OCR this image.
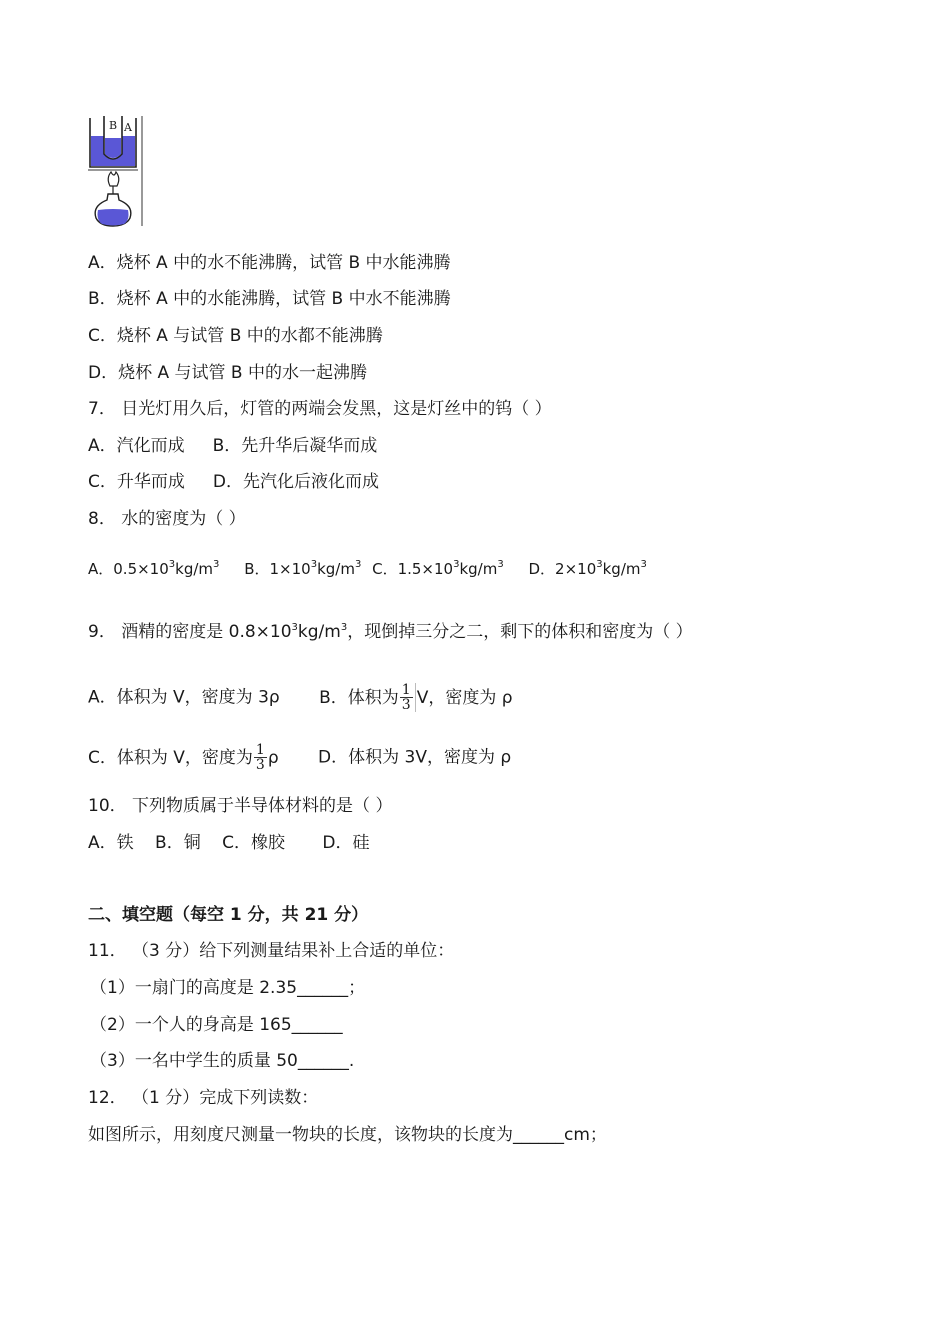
B A
A．烧杯 A 中的水不能沸腾，试管 B 中水能沸腾
B．烧杯 A 中的水能沸腾，试管 B 中水不能沸腾
C．烧杯 A 与试管 B 中的水都不能沸腾
D．烧杯 A 与试管 B 中的水一起沸腾
7． 日光灯用久后，灯管的两端会发黑，这是灯丝中的钨（ ）
A．汽化而成 B．先升华后凝华而成
C．升华而成 D．先汽化后液化而成
8． 水的密度为（ ）
A．$0.5\times 10^3kg/m^3$ B．$1\times 10^3kg/m^3$ C．$1.5\times 10^3kg/m^3$ D．$2\times 10^3kg/m^3$
9． 酒精的密度是 $0.8\times 10^3kg/m^3$，现倒掉三分之二，剩下的体积和密度为（ ）
A．体积为 V，密度为 3ρ B．体积为 $\frac{1}{3}$ V，密度为 ρ
C．体积为 V，密度为 $\frac{1}{3}$ ρ D．体积为 3V，密度为 ρ
10． 下列物质属于半导体材料的是（ ）
A．铁 B．铜 C．橡胶 D．硅
二、填空题（每空 1 分，共 21 分）
11． （3 分）给下列测量结果补上合适的单位：
（1）一扇门的高度是 2.35______；
（2）一个人的身高是 165______
（3）一名中学生的质量 50______.
12． （1 分）完成下列读数：
如图所示，用刻度尺测量一物块的长度，该物块的长度为______cm；
